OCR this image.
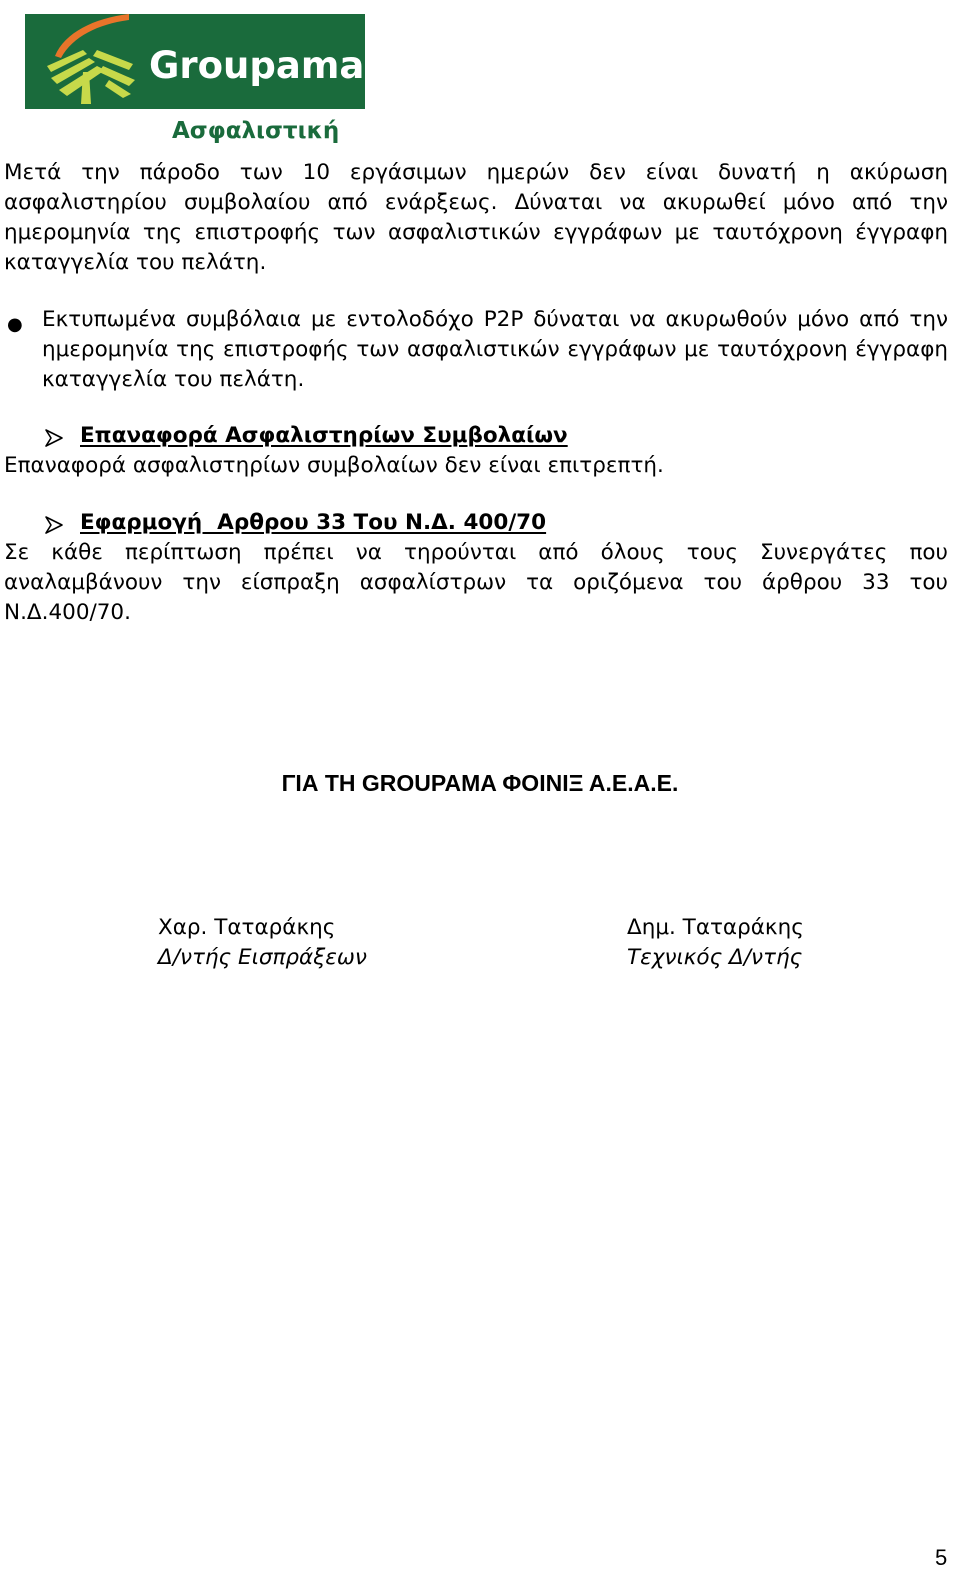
Groupama
Ασφαλιστική
Μετά την πάροδο των 10 εργάσιμων ημερών δεν είναι δυνατή η ακύρωση ασφαλιστηρίου συμβολαίου από ενάρξεως. Δύναται να ακυρωθεί μόνο από την ημερομηνία της επιστροφής των ασφαλιστικών εγγράφων με ταυτόχρονη έγγραφη καταγγελία του πελάτη.
● Εκτυπωμένα συμβόλαια με εντολοδόχο P2P δύναται να ακυρωθούν μόνο από την ημερομηνία της επιστροφής των ασφαλιστικών εγγράφων με ταυτόχρονη έγγραφη καταγγελία του πελάτη.
Επαναφορά Ασφαλιστηρίων Συμβολαίων
Επαναφορά ασφαλιστηρίων συμβολαίων δεν είναι επιτρεπτή.
Εφαρμογή  Αρθρου 33 Του Ν.Δ. 400/70
Σε κάθε περίπτωση πρέπει να τηρούνται από όλους τους Συνεργάτες που αναλαμβάνουν την είσπραξη ασφαλίστρων τα οριζόμενα του άρθρου 33 του Ν.Δ.400/70.
ΓΙΑ ΤΗ GROUPAMA ΦΟΙΝΙΞ Α.Ε.Α.Ε.
Χαρ. Ταταράκης
Δ/ντής Εισπράξεων
Δημ. Ταταράκης
Τεχνικός Δ/ντής
5
